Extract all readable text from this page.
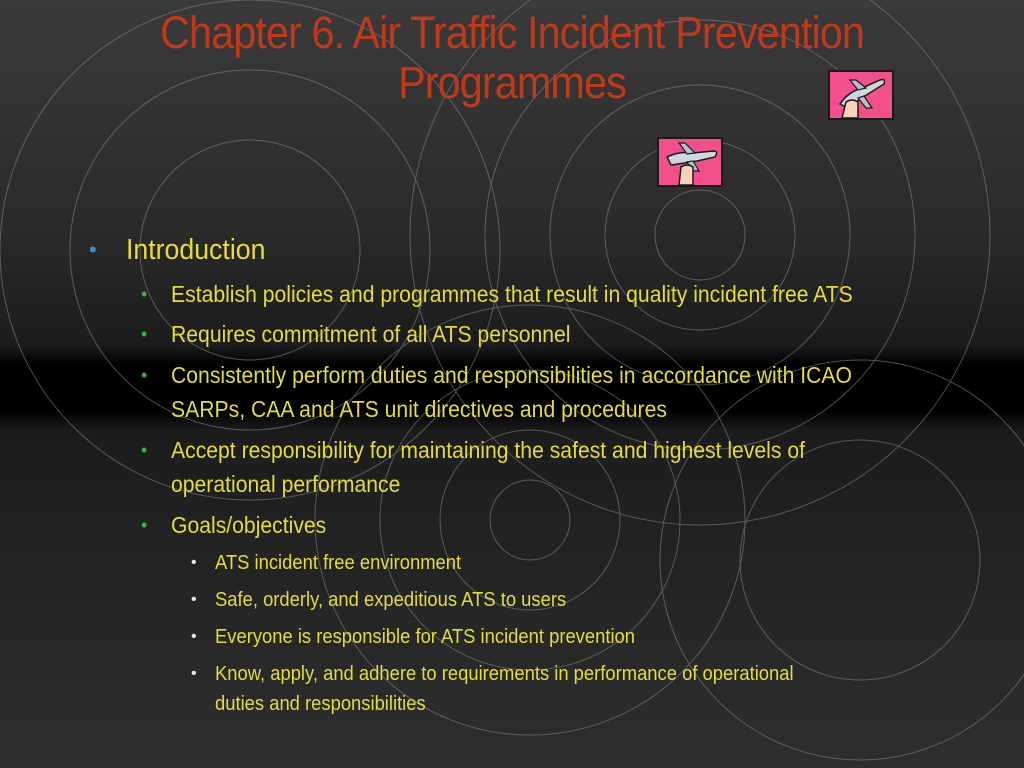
Chapter 6. Air Traffic Incident Prevention
Programmes
• Introduction
• Establish policies and programmes that result in quality incident free ATS
• Requires commitment of all ATS personnel
• Consistently perform duties and responsibilities in accordance with ICAO
SARPs, CAA and ATS unit directives and procedures
• Accept responsibility for maintaining the safest and highest levels of
operational performance
• Goals/objectives
• ATS incident free environment
• Safe, orderly, and expeditious ATS to users
• Everyone is responsible for ATS incident prevention
• Know, apply, and adhere to requirements in performance of operational
duties and responsibilities
